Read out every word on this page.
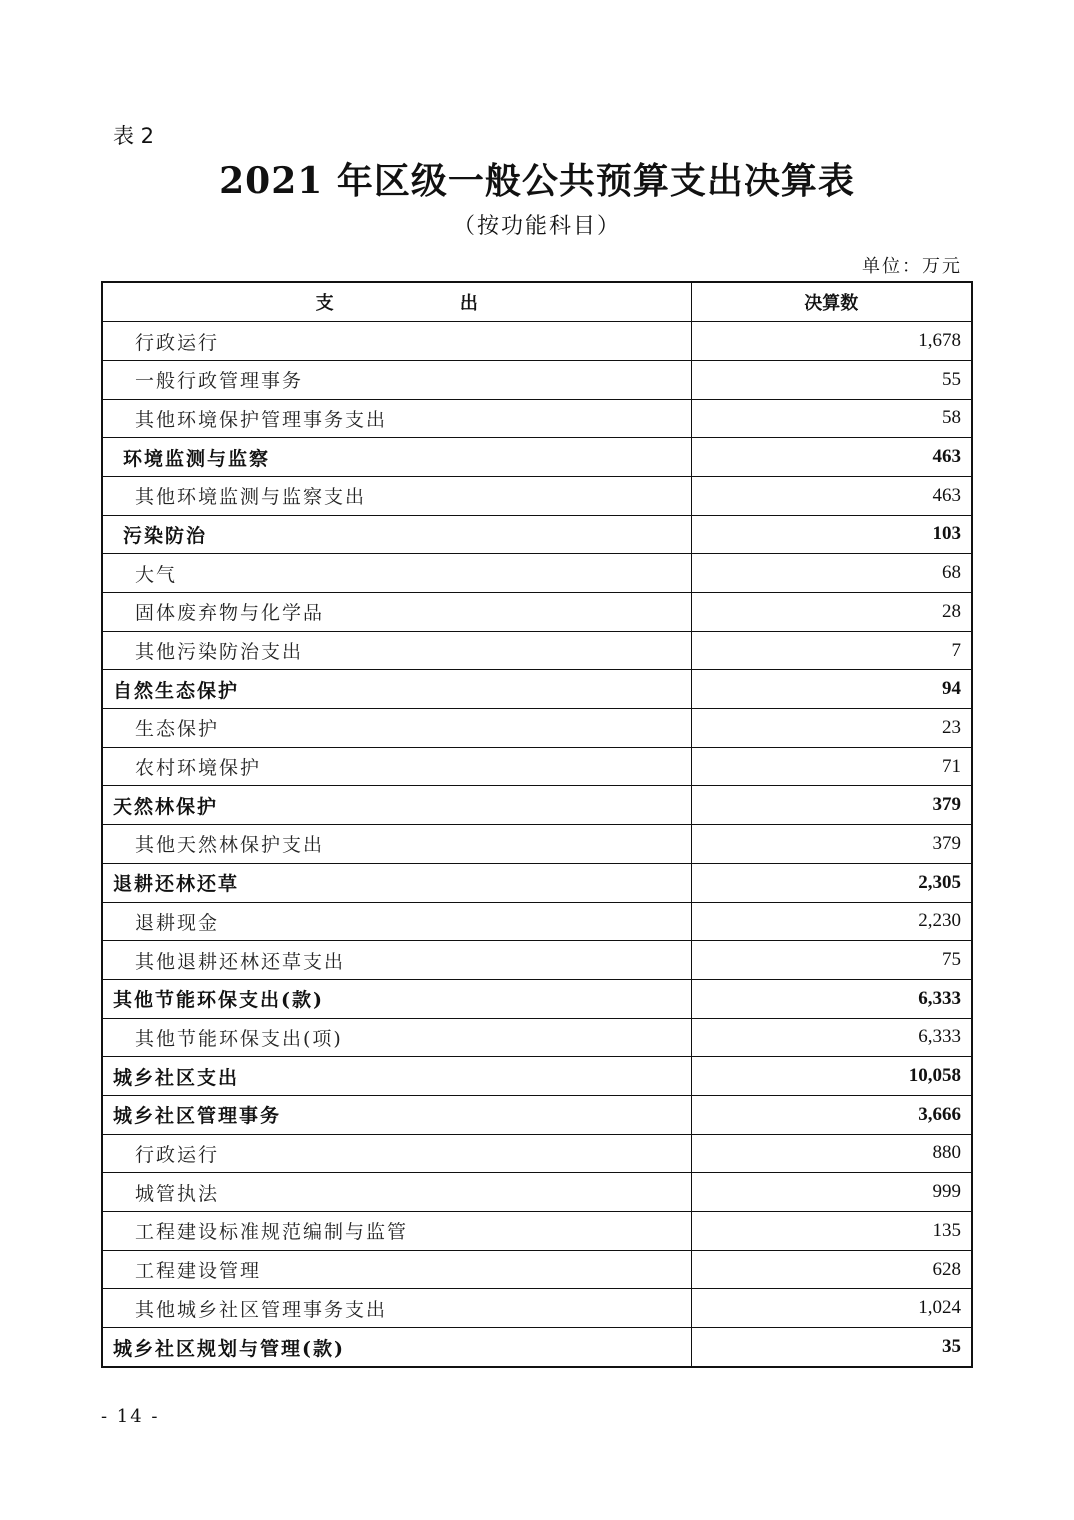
表 2
2021 年区级一般公共预算支出决算表
（按功能科目）
单位：万元
支 出	决算数
行政运行	1,678
一般行政管理事务	55
其他环境保护管理事务支出	58
环境监测与监察	463
其他环境监测与监察支出	463
污染防治	103
大气	68
固体废弃物与化学品	28
其他污染防治支出	7
自然生态保护	94
生态保护	23
农村环境保护	71
天然林保护	379
其他天然林保护支出	379
退耕还林还草	2,305
退耕现金	2,230
其他退耕还林还草支出	75
其他节能环保支出(款)	6,333
其他节能环保支出(项)	6,333
城乡社区支出	10,058
城乡社区管理事务	3,666
行政运行	880
城管执法	999
工程建设标准规范编制与监管	135
工程建设管理	628
其他城乡社区管理事务支出	1,024
城乡社区规划与管理(款)	35
- 14 -
